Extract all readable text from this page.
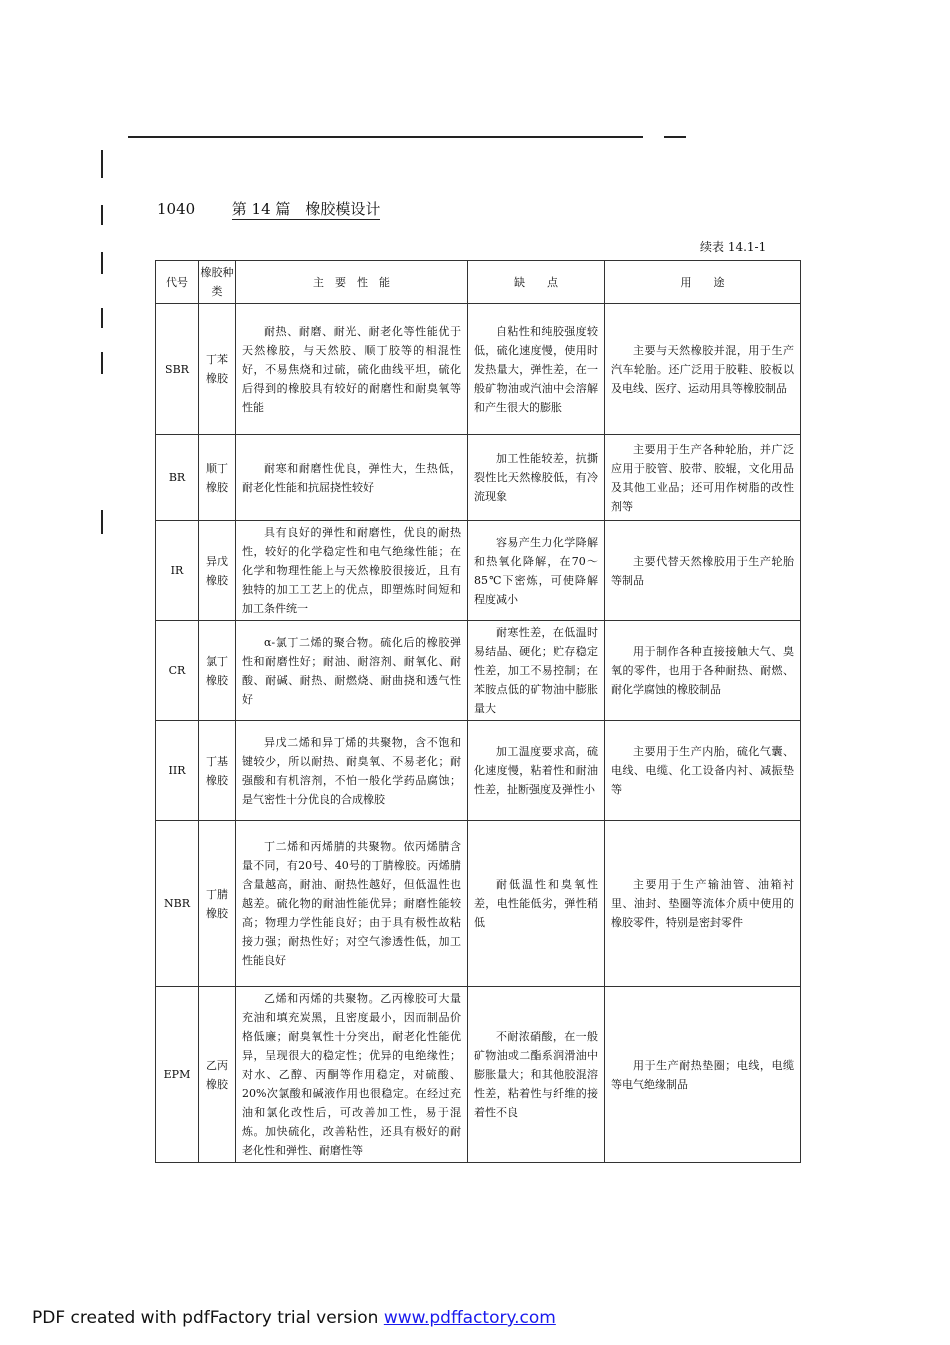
1040 第 14 篇　橡胶模设计
续表 14.1-1
代号	橡胶种类	主　要　性　能	缺　　点	用　　途
SBR	丁苯橡胶	耐热、耐磨、耐光、耐老化等性能优于天然橡胶，与天然胶、顺丁胶等的相混性好，不易焦烧和过硫，硫化曲线平坦，硫化后得到的橡胶具有较好的耐磨性和耐臭氧等性能	自粘性和纯胶强度较低，硫化速度慢，使用时发热量大，弹性差，在一般矿物油或汽油中会溶解和产生很大的膨胀	主要与天然橡胶并混，用于生产汽车轮胎。还广泛用于胶鞋、胶板以及电线、医疗、运动用具等橡胶制品

BR	顺丁橡胶	耐寒和耐磨性优良，弹性大，生热低，耐老化性能和抗屈挠性较好	加工性能较差，抗撕裂性比天然橡胶低，有冷流现象	主要用于生产各种轮胎，并广泛应用于胶管、胶带、胶辊，文化用品及其他工业品；还可用作树脂的改性剂等

IR	异戊橡胶	具有良好的弹性和耐磨性，优良的耐热性，较好的化学稳定性和电气绝缘性能；在化学和物理性能上与天然橡胶很接近，且有独特的加工工艺上的优点，即塑炼时间短和加工条件统一	容易产生力化学降解和热氧化降解，在70～85℃下密炼，可使降解程度减小	主要代替天然橡胶用于生产轮胎等制品

CR	氯丁橡胶	α-氯丁二烯的聚合物。硫化后的橡胶弹性和耐磨性好；耐油、耐溶剂、耐氧化、耐酸、耐碱、耐热、耐燃烧、耐曲挠和透气性好	耐寒性差，在低温时易结晶、硬化；贮存稳定性差，加工不易控制；在苯胺点低的矿物油中膨胀量大	用于制作各种直接接触大气、臭氧的零件，也用于各种耐热、耐燃、耐化学腐蚀的橡胶制品

IIR	丁基橡胶	异戊二烯和异丁烯的共聚物，含不饱和键较少，所以耐热、耐臭氧、不易老化；耐强酸和有机溶剂，不怕一般化学药品腐蚀；是气密性十分优良的合成橡胶	加工温度要求高，硫化速度慢，粘着性和耐油性差，扯断强度及弹性小	主要用于生产内胎，硫化气囊、电线、电缆、化工设备内衬、减振垫等

NBR	丁腈橡胶	丁二烯和丙烯腈的共聚物。依丙烯腈含量不同，有20号、40号的丁腈橡胶。丙烯腈含量越高，耐油、耐热性越好，但低温性也越差。硫化物的耐油性能优异；耐磨性能较高；物理力学性能良好；由于具有极性故粘接力强；耐热性好；对空气渗透性低，加工性能良好	耐低温性和臭氧性差，电性能低劣，弹性稍低	主要用于生产输油管、油箱衬里、油封、垫圈等流体介质中使用的橡胶零件，特别是密封零件

EPM	乙丙橡胶	乙烯和丙烯的共聚物。乙丙橡胶可大量充油和填充炭黑，且密度最小，因而制品价格低廉；耐臭氧性十分突出，耐老化性能优异，呈现很大的稳定性；优异的电绝缘性；对水、乙醇、丙酮等作用稳定，对硫酸、20%次氯酸和碱液作用也很稳定。在经过充油和氯化改性后，可改善加工性，易于混炼。加快硫化，改善粘性，还具有极好的耐老化性和弹性、耐磨性等	不耐浓硝酸，在一般矿物油或二酯系润滑油中膨胀量大；和其他胶混溶性差，粘着性与纤维的接着性不良	用于生产耐热垫圈；电线，电缆等电气绝缘制品
PDF created with pdfFactory trial version www.pdffactory.com
